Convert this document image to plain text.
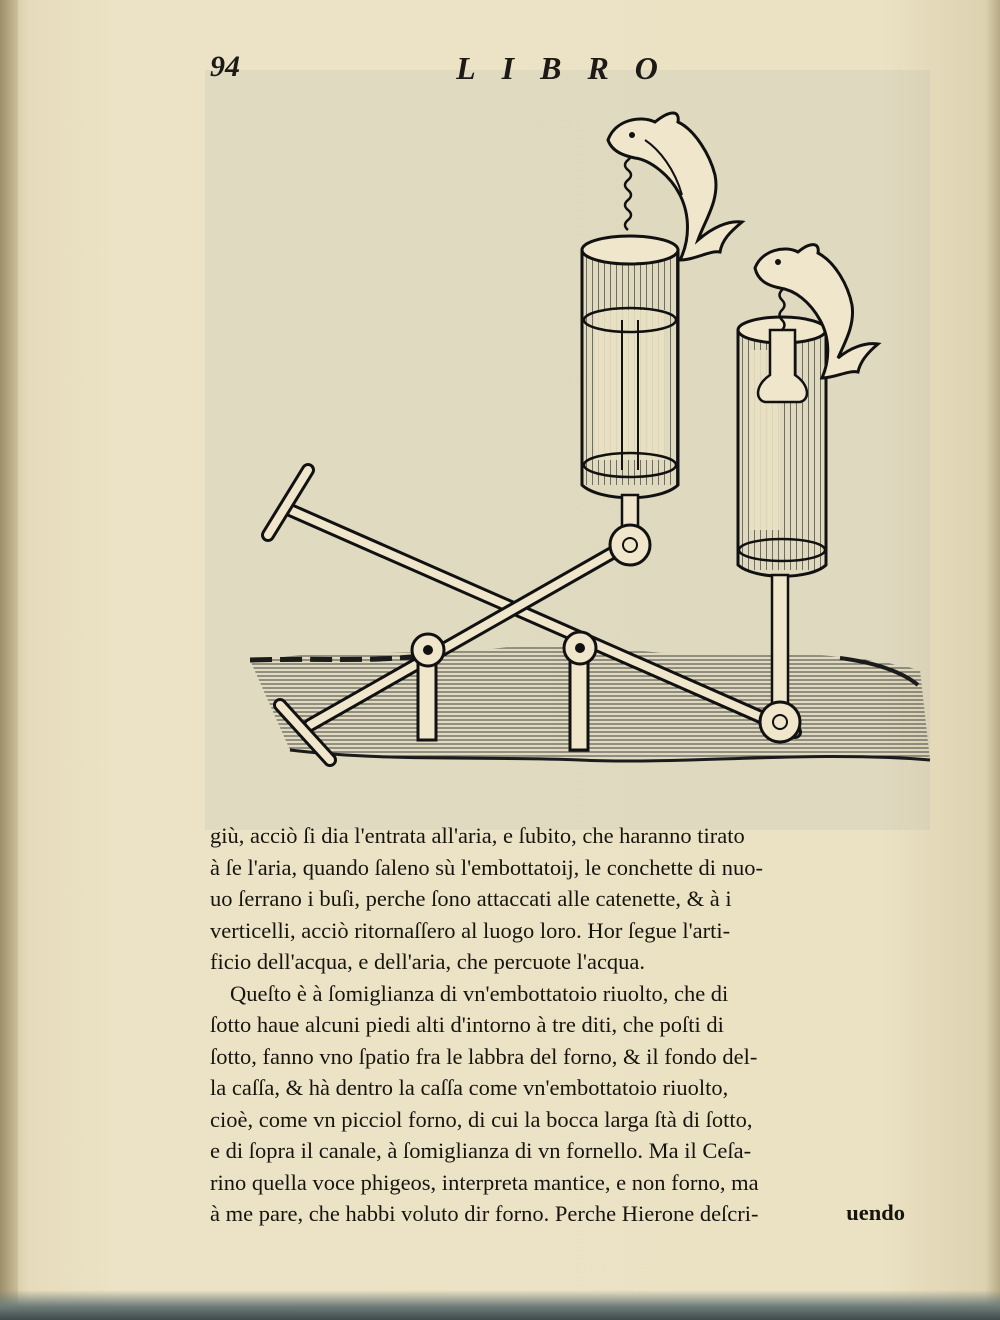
94	LIBRO
giù, acciò ſi dia l'entrata all'aria, e ſubito, che haranno tirato
à ſe l'aria, quando ſaleno sù l'embottatoij, le conchette di nuo-
uo ſerrano i buſi, perche ſono attaccati alle catenette, & à i
verticelli, acciò ritornaſſero al luogo loro. Hor ſegue l'arti-
ficio dell'acqua, e dell'aria, che percuote l'acqua.
Queſto è à ſomiglianza di vn'embottatoio riuolto, che di
ſotto haue alcuni piedi alti d'intorno à tre diti, che poſti di
ſotto, fanno vno ſpatio fra le labbra del forno, & il fondo del-
la caſſa, & hà dentro la caſſa come vn'embottatoio riuolto,
cioè, come vn picciol forno, di cui la bocca larga ſtà di ſotto,
e di ſopra il canale, à ſomiglianza di vn fornello. Ma il Ceſa-
rino quella voce phigeos, interpreta mantice, e non forno, ma
à me pare, che habbi voluto dir forno. Perche Hierone deſcri-	uendo
